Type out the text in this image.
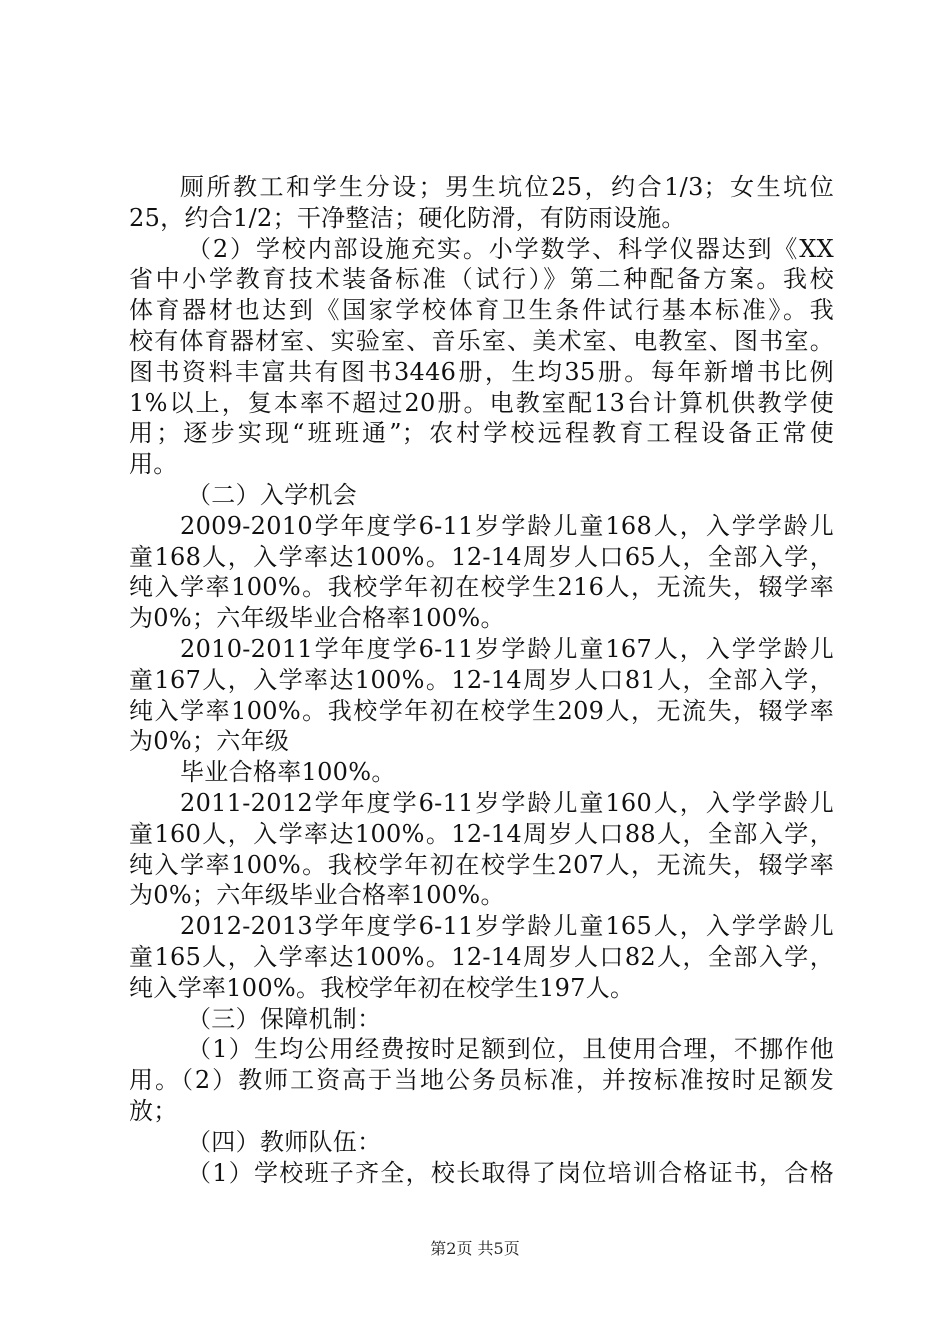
厕所教工和学生分设；男生坑位25，约合1/3；女生坑位
25，约合1/2；干净整洁；硬化防滑，有防雨设施。
（2）学校内部设施充实。小学数学、科学仪器达到《XX
省中小学教育技术装备标准（试行）》第二种配备方案。我校
体育器材也达到《国家学校体育卫生条件试行基本标准》。我
校有体育器材室、实验室、音乐室、美术室、电教室、图书室。
图书资料丰富共有图书3446册，生均35册。每年新增书比例
1%以上，复本率不超过20册。电教室配13台计算机供教学使
用；逐步实现“班班通”；农村学校远程教育工程设备正常使
用。
（二）入学机会
2009-2010学年度学6-11岁学龄儿童168人，入学学龄儿
童168人，入学率达100%。12-14周岁人口65人，全部入学，
纯入学率100%。我校学年初在校学生216人，无流失，辍学率
为0%；六年级毕业合格率100%。
2010-2011学年度学6-11岁学龄儿童167人，入学学龄儿
童167人，入学率达100%。12-14周岁人口81人，全部入学，
纯入学率100%。我校学年初在校学生209人，无流失，辍学率
为0%；六年级
毕业合格率100%。
2011-2012学年度学6-11岁学龄儿童160人，入学学龄儿
童160人，入学率达100%。12-14周岁人口88人，全部入学，
纯入学率100%。我校学年初在校学生207人，无流失，辍学率
为0%；六年级毕业合格率100%。
2012-2013学年度学6-11岁学龄儿童165人，入学学龄儿
童165人，入学率达100%。12-14周岁人口82人，全部入学，
纯入学率100%。我校学年初在校学生197人。
（三）保障机制：
（1）生均公用经费按时足额到位，且使用合理，不挪作他
用。（2）教师工资高于当地公务员标准，并按标准按时足额发
放；
（四）教师队伍：
（1）学校班子齐全，校长取得了岗位培训合格证书，合格
第2页 共5页
